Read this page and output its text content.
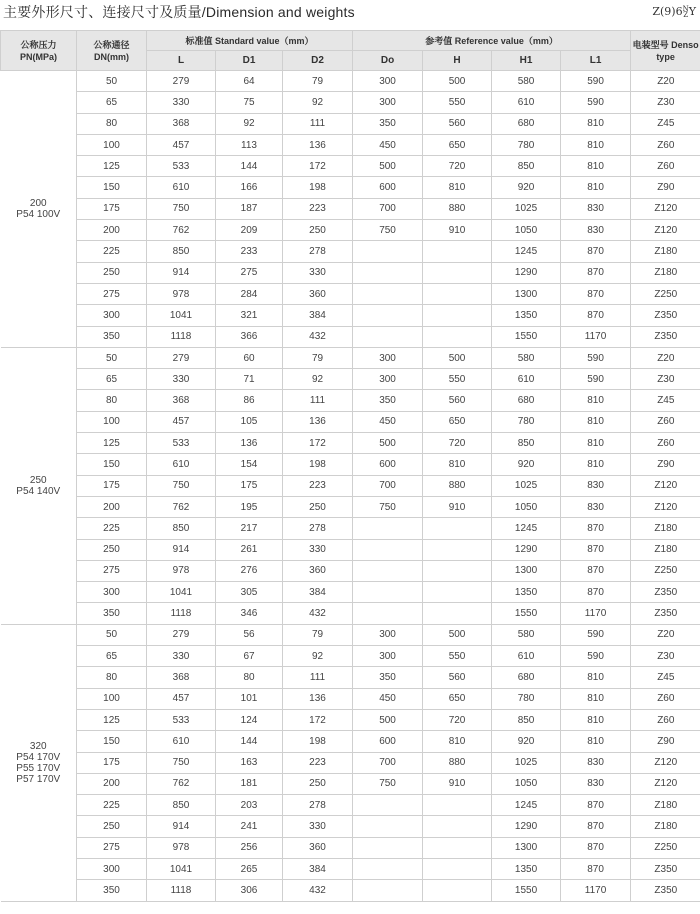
主要外形尺寸、连接尺寸及质量/Dimension and weights	Z(9)6 N
Z Y
公称压力 PN(MPa)	公称通径 DN(mm)	标准值 Standard value（mm）			参考值 Reference value（mm）				电装型号 Denso type
		L	D1	D2	Do	H	H1	L1	

200
P54 100V	50	279	64	79	300	500	580	590	Z20
	65	330	75	92	300	550	610	590	Z30
	80	368	92	111	350	560	680	810	Z45
	100	457	113	136	450	650	780	810	Z60
	125	533	144	172	500	720	850	810	Z60
	150	610	166	198	600	810	920	810	Z90
	175	750	187	223	700	880	1025	830	Z120
	200	762	209	250	750	910	1050	830	Z120
	225	850	233	278			1245	870	Z180
	250	914	275	330			1290	870	Z180
	275	978	284	360			1300	870	Z250
	300	1041	321	384			1350	870	Z350
	350	1118	366	432			1550	1170	Z350

250
P54 140V	50	279	60	79	300	500	580	590	Z20
	65	330	71	92	300	550	610	590	Z30
	80	368	86	111	350	560	680	810	Z45
	100	457	105	136	450	650	780	810	Z60
	125	533	136	172	500	720	850	810	Z60
	150	610	154	198	600	810	920	810	Z90
	175	750	175	223	700	880	1025	830	Z120
	200	762	195	250	750	910	1050	830	Z120
	225	850	217	278			1245	870	Z180
	250	914	261	330			1290	870	Z180
	275	978	276	360			1300	870	Z250
	300	1041	305	384			1350	870	Z350
	350	1118	346	432			1550	1170	Z350

320
P54 170V
P55 170V
P57 170V	50	279	56	79	300	500	580	590	Z20
	65	330	67	92	300	550	610	590	Z30
	80	368	80	111	350	560	680	810	Z45
	100	457	101	136	450	650	780	810	Z60
	125	533	124	172	500	720	850	810	Z60
	150	610	144	198	600	810	920	810	Z90
	175	750	163	223	700	880	1025	830	Z120
	200	762	181	250	750	910	1050	830	Z120
	225	850	203	278			1245	870	Z180
	250	914	241	330			1290	870	Z180
	275	978	256	360			1300	870	Z250
	300	1041	265	384			1350	870	Z350
	350	1118	306	432			1550	1170	Z350
